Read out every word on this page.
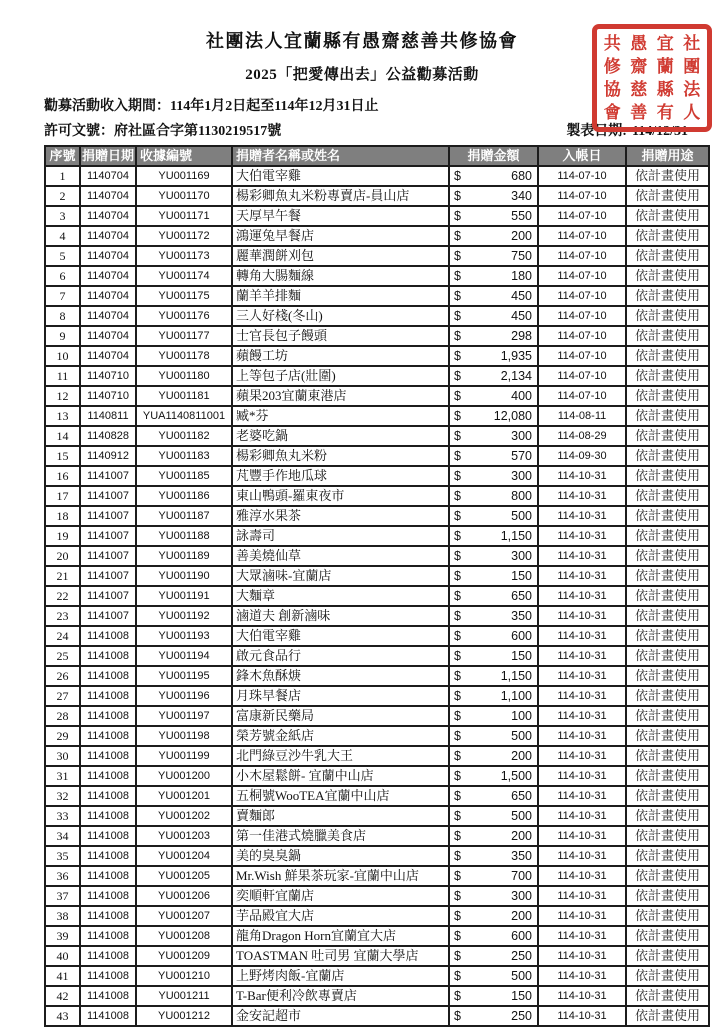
共
修
協
會
愚
齋
慈
善
宜
蘭
縣
有
社
團
法
人
社團法人宜蘭縣有愚齋慈善共修協會
2025「把愛傳出去」公益勸募活動
勸募活動收入期間：114年1月2日起至114年12月31日止
許可文號：府社區合字第1130219517號	製表日期: 114/12/31
序號	捐贈日期	收據編號	捐贈者名稱或姓名	捐贈金額	入帳日	捐贈用途
1	1140704	YU001169	大伯電宰雞	$ 680	114-07-10	依計畫使用
2	1140704	YU001170	楊彩卿魚丸米粉專賣店-員山店	$ 340	114-07-10	依計畫使用
3	1140704	YU001171	天厚早午餐	$ 550	114-07-10	依計畫使用
4	1140704	YU001172	鴻運兔早餐店	$ 200	114-07-10	依計畫使用
5	1140704	YU001173	麗華潤餅刈包	$ 750	114-07-10	依計畫使用
6	1140704	YU001174	轉角大腸麵線	$ 180	114-07-10	依計畫使用
7	1140704	YU001175	蘭羊羊排麵	$ 450	114-07-10	依計畫使用
8	1140704	YU001176	三人好棧(冬山)	$ 450	114-07-10	依計畫使用
9	1140704	YU001177	士官長包子饅頭	$ 298	114-07-10	依計畫使用
10	1140704	YU001178	蘋饅工坊	$ 1,935	114-07-10	依計畫使用
11	1140710	YU001180	上等包子店(壯圍)	$ 2,134	114-07-10	依計畫使用
12	1140710	YU001181	蘋果203宜蘭東港店	$ 400	114-07-10	依計畫使用
13	1140811	YUA1140811001	臧*芬	$ 12,080	114-08-11	依計畫使用
14	1140828	YU001182	老婆吃鍋	$ 300	114-08-29	依計畫使用
15	1140912	YU001183	楊彩卿魚丸米粉	$ 570	114-09-30	依計畫使用
16	1141007	YU001185	芃豐手作地瓜球	$ 300	114-10-31	依計畫使用
17	1141007	YU001186	東山鴨頭-羅東夜市	$ 800	114-10-31	依計畫使用
18	1141007	YU001187	雅淳水果茶	$ 500	114-10-31	依計畫使用
19	1141007	YU001188	詠壽司	$ 1,150	114-10-31	依計畫使用
20	1141007	YU001189	善美燒仙草	$ 300	114-10-31	依計畫使用
21	1141007	YU001190	大眾滷味-宜蘭店	$ 150	114-10-31	依計畫使用
22	1141007	YU001191	大麵章	$ 650	114-10-31	依計畫使用
23	1141007	YU001192	滷道夫 創新滷味	$ 350	114-10-31	依計畫使用
24	1141008	YU001193	大伯電宰雞	$ 600	114-10-31	依計畫使用
25	1141008	YU001194	啟元食品行	$ 150	114-10-31	依計畫使用
26	1141008	YU001195	鋒木魚酥焿	$ 1,150	114-10-31	依計畫使用
27	1141008	YU001196	月珠早餐店	$ 1,100	114-10-31	依計畫使用
28	1141008	YU001197	富康新民藥局	$ 100	114-10-31	依計畫使用
29	1141008	YU001198	榮芳號金紙店	$ 500	114-10-31	依計畫使用
30	1141008	YU001199	北門綠豆沙牛乳大王	$ 200	114-10-31	依計畫使用
31	1141008	YU001200	小木屋鬆餅- 宜蘭中山店	$ 1,500	114-10-31	依計畫使用
32	1141008	YU001201	五桐號WooTEA宜蘭中山店	$ 650	114-10-31	依計畫使用
33	1141008	YU001202	賣麵郎	$ 500	114-10-31	依計畫使用
34	1141008	YU001203	第一佳港式燒臘美食店	$ 200	114-10-31	依計畫使用
35	1141008	YU001204	美的臭臭鍋	$ 350	114-10-31	依計畫使用
36	1141008	YU001205	Mr.Wish 鮮果茶玩家-宜蘭中山店	$ 700	114-10-31	依計畫使用
37	1141008	YU001206	奕順軒宜蘭店	$ 300	114-10-31	依計畫使用
38	1141008	YU001207	芋品殿宜大店	$ 200	114-10-31	依計畫使用
39	1141008	YU001208	龍角Dragon Horn宜蘭宜大店	$ 600	114-10-31	依計畫使用
40	1141008	YU001209	TOASTMAN 吐司男 宜蘭大學店	$ 250	114-10-31	依計畫使用
41	1141008	YU001210	上野烤肉飯-宜蘭店	$ 500	114-10-31	依計畫使用
42	1141008	YU001211	T-Bar便利冷飲專賣店	$ 150	114-10-31	依計畫使用
43	1141008	YU001212	金安記超市	$ 250	114-10-31	依計畫使用
